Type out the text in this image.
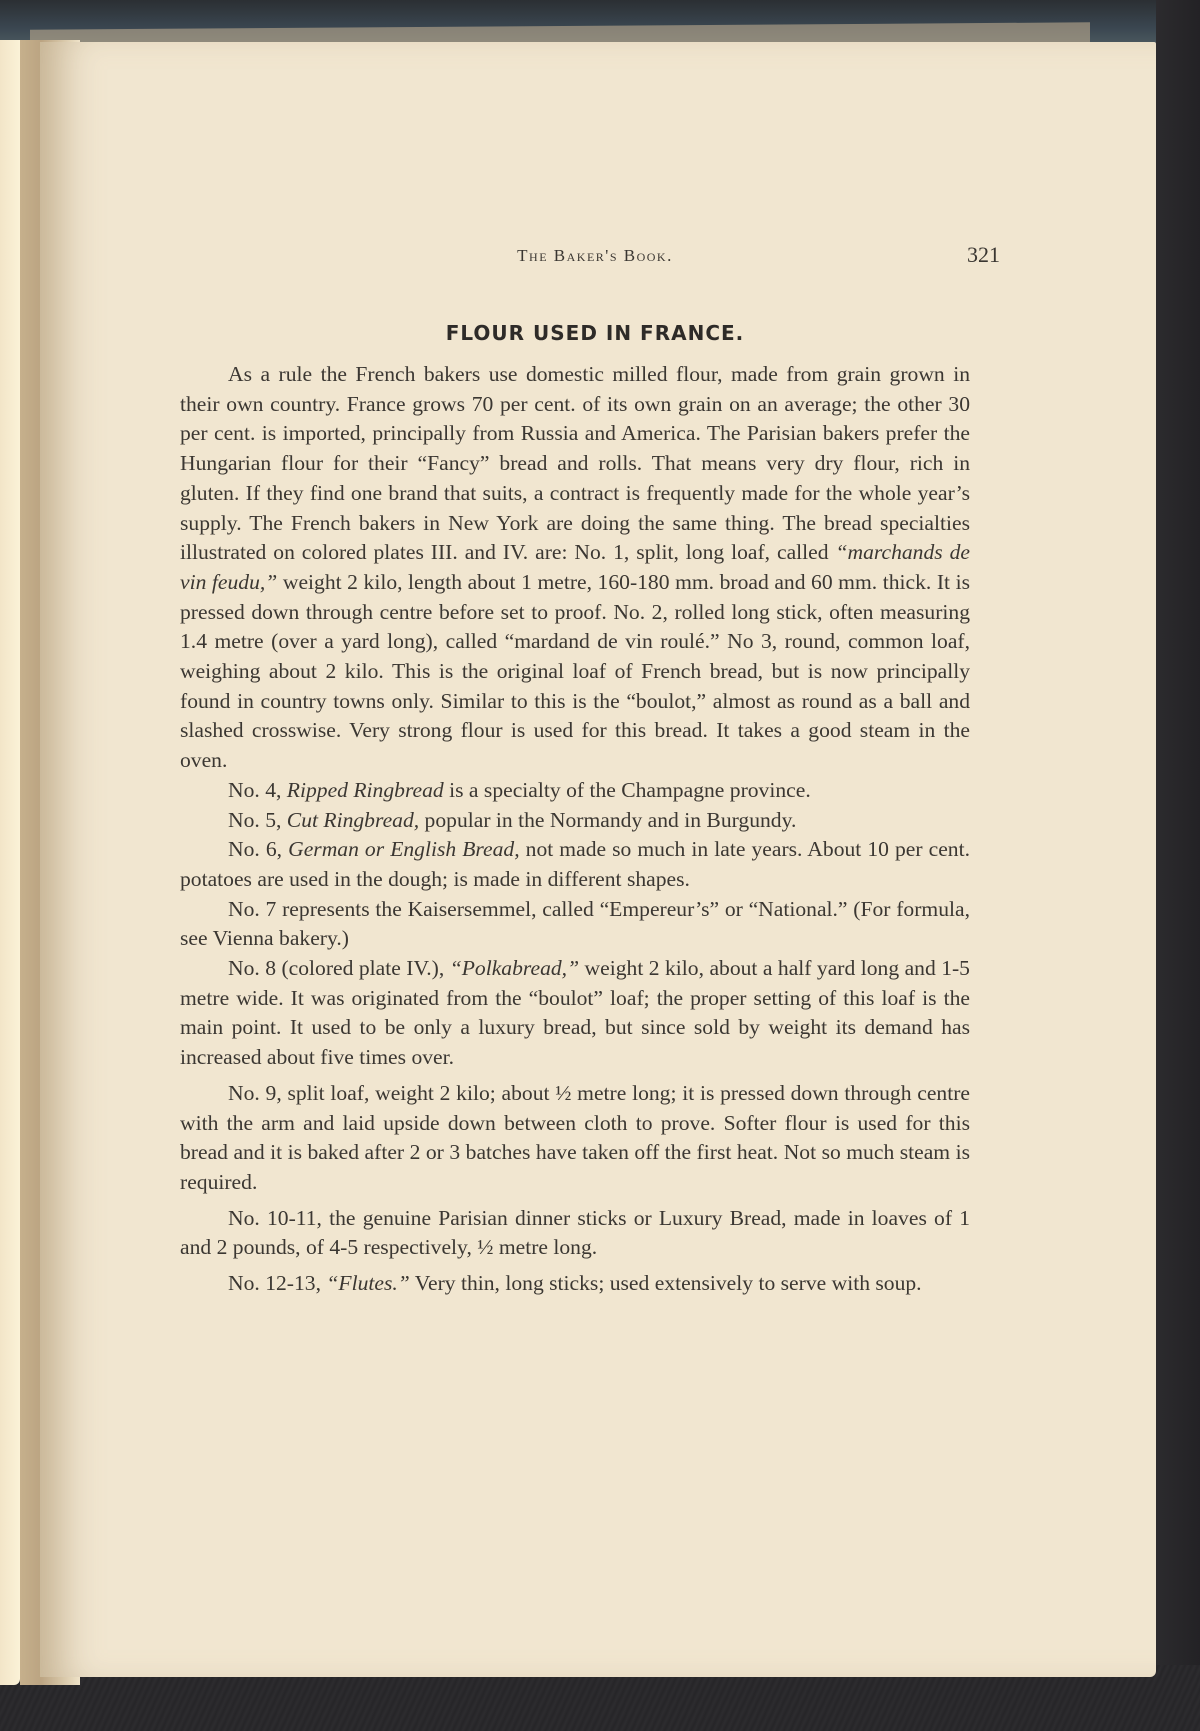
The Baker's Book.	321
FLOUR USED IN FRANCE.

As a rule the French bakers use domestic milled flour, made from grain grown in their own country. France grows 70 per cent. of its own grain on an average; the other 30 per cent. is imported, principally from Russia and America. The Parisian bakers prefer the Hungarian flour for their “Fancy” bread and rolls. That means very dry flour, rich in gluten. If they find one brand that suits, a contract is frequently made for the whole year’s supply. The French bakers in New York are doing the same thing. The bread specialties illustrated on colored plates III. and IV. are: No. 1, split, long loaf, called “marchands de vin feudu,” weight 2 kilo, length about 1 metre, 160-180 mm. broad and 60 mm. thick. It is pressed down through centre before set to proof. No. 2, rolled long stick, often measuring 1.4 metre (over a yard long), called “mardand de vin roulé.” No 3, round, common loaf, weighing about 2 kilo. This is the original loaf of French bread, but is now principally found in country towns only. Similar to this is the “boulot,” almost as round as a ball and slashed crosswise. Very strong flour is used for this bread. It takes a good steam in the oven.

No. 4, Ripped Ringbread is a specialty of the Champagne province.

No. 5, Cut Ringbread, popular in the Normandy and in Burgundy.

No. 6, German or English Bread, not made so much in late years. About 10 per cent. potatoes are used in the dough; is made in different shapes.

No. 7 represents the Kaisersemmel, called “Empereur’s” or “National.” (For formula, see Vienna bakery.)

No. 8 (colored plate IV.), “Polkabread,” weight 2 kilo, about a half yard long and 1-5 metre wide. It was originated from the “boulot” loaf; the proper setting of this loaf is the main point. It used to be only a luxury bread, but since sold by weight its demand has increased about five times over.

No. 9, split loaf, weight 2 kilo; about ½ metre long; it is pressed down through centre with the arm and laid upside down between cloth to prove. Softer flour is used for this bread and it is baked after 2 or 3 batches have taken off the first heat. Not so much steam is required.

No. 10-11, the genuine Parisian dinner sticks or Luxury Bread, made in loaves of 1 and 2 pounds, of 4-5 respectively, ½ metre long.

No. 12-13, “Flutes.” Very thin, long sticks; used extensively to serve with soup.
